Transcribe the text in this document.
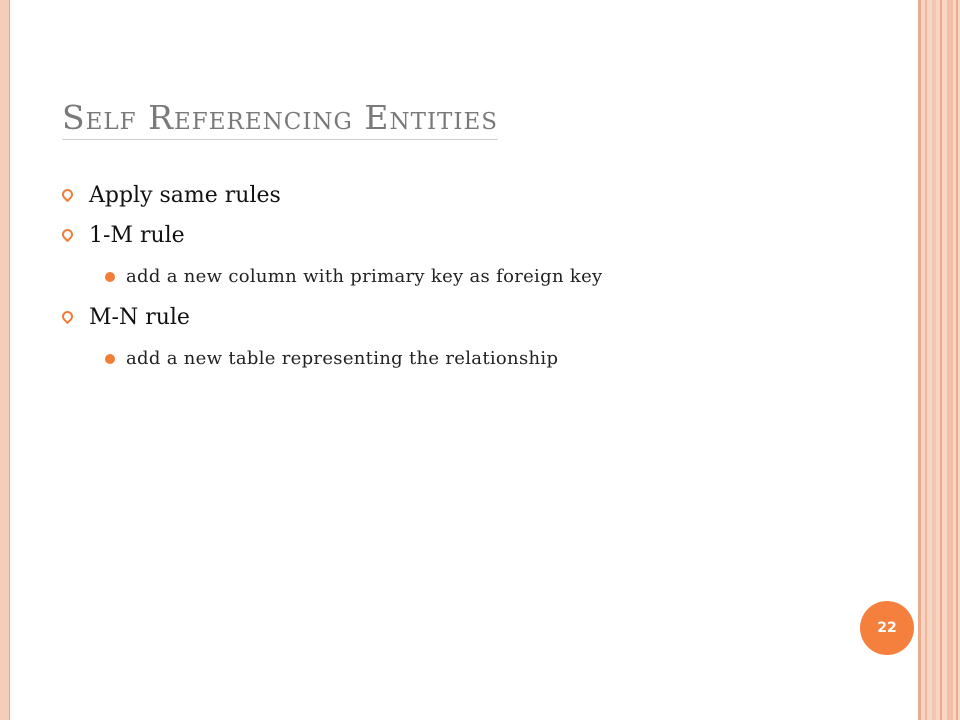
Self Referencing Entities
Apply same rules
1-M rule
add a new column with primary key as foreign key
M-N rule
add a new table representing the relationship
22
